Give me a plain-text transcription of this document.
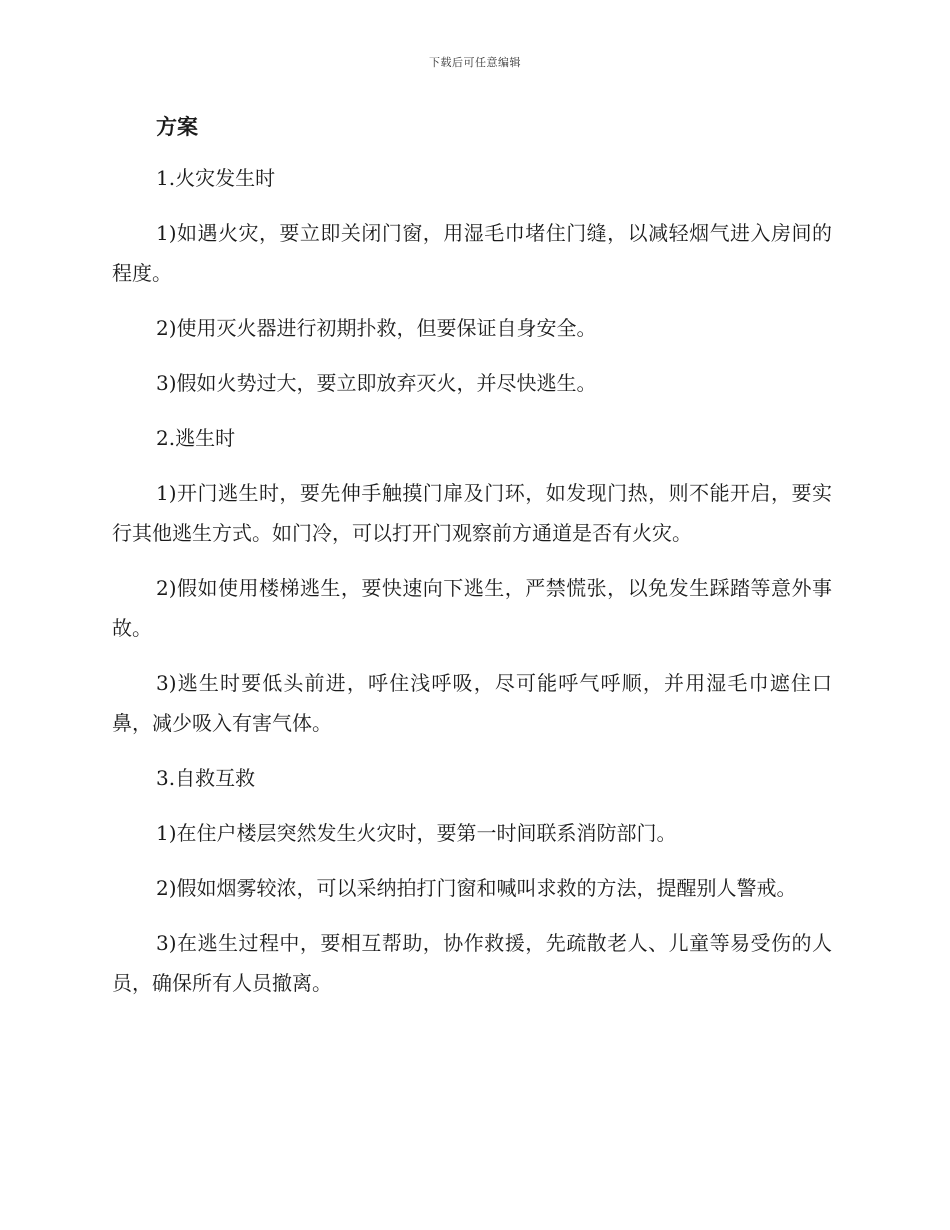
下载后可任意编辑
方案

1.火灾发生时

1)如遇火灾，要立即关闭门窗，用湿毛巾堵住门缝，以减轻烟气进入房间的程度。

2)使用灭火器进行初期扑救，但要保证自身安全。

3)假如火势过大，要立即放弃灭火，并尽快逃生。

2.逃生时

1)开门逃生时，要先伸手触摸门扉及门环，如发现门热，则不能开启，要实行其他逃生方式。如门冷，可以打开门观察前方通道是否有火灾。

2)假如使用楼梯逃生，要快速向下逃生，严禁慌张，以免发生踩踏等意外事故。

3)逃生时要低头前进，呼住浅呼吸，尽可能呼气呼顺，并用湿毛巾遮住口鼻，减少吸入有害气体。

3.自救互救

1)在住户楼层突然发生火灾时，要第一时间联系消防部门。

2)假如烟雾较浓，可以采纳拍打门窗和喊叫求救的方法，提醒别人警戒。

3)在逃生过程中，要相互帮助，协作救援，先疏散老人、儿童等易受伤的人员，确保所有人员撤离。
